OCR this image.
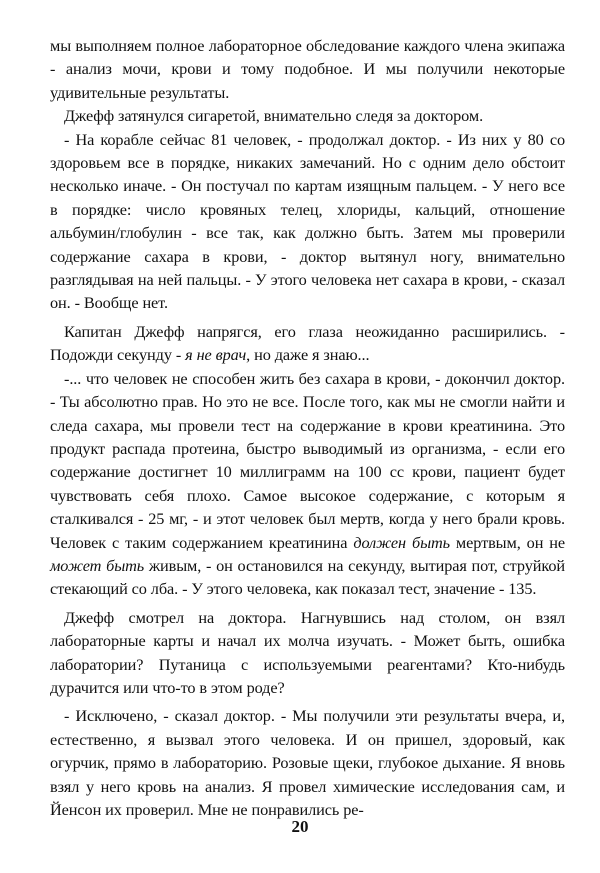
мы выполняем полное лабораторное обследование каждого члена экипажа - анализ мочи, крови и тому подобное. И мы получили некоторые удивительные результаты.

Джефф затянулся сигаретой, внимательно следя за доктором.

- На корабле сейчас 81 человек, - продолжал доктор. - Из них у 80 со здоровьем все в порядке, никаких замечаний. Но с одним дело обстоит несколько иначе. - Он постучал по картам изящным пальцем. - У него все в порядке: число кровяных телец, хлориды, кальций, отношение альбумин/глобулин - все так, как должно быть. Затем мы проверили содержание сахара в крови, - доктор вытянул ногу, внимательно разглядывая на ней пальцы. - У этого человека нет сахара в крови, - сказал он. - Вообще нет.

Капитан Джефф напрягся, его глаза неожиданно расширились. - Подожди секунду - я не врач, но даже я знаю...

-... что человек не способен жить без сахара в крови, - докончил доктор. - Ты абсолютно прав. Но это не все. После того, как мы не смогли найти и следа сахара, мы провели тест на содержание в крови креатинина. Это продукт распада протеина, быстро выводимый из организма, - если его содержание достигнет 10 миллиграмм на 100 cc крови, пациент будет чувствовать себя плохо. Самое высокое содержание, с которым я сталкивался - 25 мг, - и этот человек был мертв, когда у него брали кровь. Человек с таким содержанием креатинина должен быть мертвым, он не может быть живым, - он остановился на секунду, вытирая пот, струйкой стекающий со лба. - У этого человека, как показал тест, значение - 135.

Джефф смотрел на доктора. Нагнувшись над столом, он взял лабораторные карты и начал их молча изучать. - Может быть, ошибка лаборатории? Путаница с используемыми реагентами? Кто-нибудь дурачится или что-то в этом роде?

- Исключено, - сказал доктор. - Мы получили эти результаты вчера, и, естественно, я вызвал этого человека. И он пришел, здоровый, как огурчик, прямо в лабораторию. Розовые щеки, глубокое дыхание. Я вновь взял у него кровь на анализ. Я провел химические исследования сам, и Йенсон их проверил. Мне не понравились ре-

20
